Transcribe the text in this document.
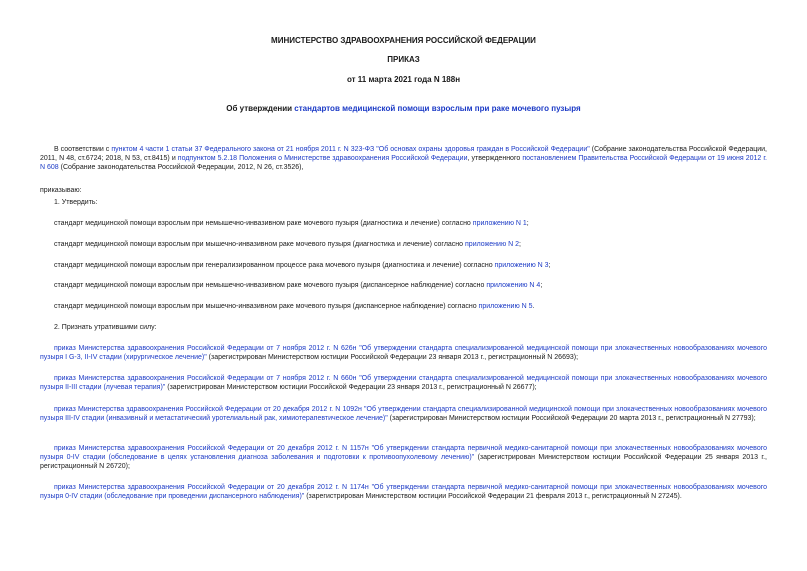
МИНИСТЕРСТВО ЗДРАВООХРАНЕНИЯ РОССИЙСКОЙ ФЕДЕРАЦИИ
ПРИКАЗ
от 11 марта 2021 года N 188н
Об утверждении стандартов медицинской помощи взрослым при раке мочевого пузыря
В соответствии с пунктом 4 части 1 статьи 37 Федерального закона от 21 ноября 2011 г. N 323-ФЗ "Об основах охраны здоровья граждан в Российской Федерации" (Собрание законодательства Российской Федерации, 2011, N 48, ст.6724; 2018, N 53, ст.8415) и подпунктом 5.2.18 Положения о Министерстве здравоохранения Российской Федерации, утвержденного постановлением Правительства Российской Федерации от 19 июня 2012 г. N 608 (Собрание законодательства Российской Федерации, 2012, N 26, ст.3526),
приказываю:
1. Утвердить:
стандарт медицинской помощи взрослым при немышечно-инвазивном раке мочевого пузыря (диагностика и лечение) согласно приложению N 1;
стандарт медицинской помощи взрослым при мышечно-инвазивном раке мочевого пузыря (диагностика и лечение) согласно приложению N 2;
стандарт медицинской помощи взрослым при генерализированном процессе рака мочевого пузыря (диагностика и лечение) согласно приложению N 3;
стандарт медицинской помощи взрослым при немышечно-инвазивном раке мочевого пузыря (диспансерное наблюдение) согласно приложению N 4;
стандарт медицинской помощи взрослым при мышечно-инвазивном раке мочевого пузыря (диспансерное наблюдение) согласно приложению N 5.
2. Признать утратившими силу:
приказ Министерства здравоохранения Российской Федерации от 7 ноября 2012 г. N 626н "Об утверждении стандарта специализированной медицинской помощи при злокачественных новообразованиях мочевого пузыря I G-3, II-IV стадии (хирургическое лечение)" (зарегистрирован Министерством юстиции Российской Федерации 23 января 2013 г., регистрационный N 26693);
приказ Министерства здравоохранения Российской Федерации от 7 ноября 2012 г. N 660н "Об утверждении стандарта специализированной медицинской помощи при злокачественных новообразованиях мочевого пузыря II-III стадии (лучевая терапия)" (зарегистрирован Министерством юстиции Российской Федерации 23 января 2013 г., регистрационный N 26677);
приказ Министерства здравоохранения Российской Федерации от 20 декабря 2012 г. N 1092н "Об утверждении стандарта специализированной медицинской помощи при злокачественных новообразованиях мочевого пузыря III-IV стадии (инвазивный и метастатический уротелиальный рак, химиотерапевтическое лечение)" (зарегистрирован Министерством юстиции Российской Федерации 20 марта 2013 г., регистрационный N 27793);
приказ Министерства здравоохранения Российской Федерации от 20 декабря 2012 г. N 1157н "Об утверждении стандарта первичной медико-санитарной помощи при злокачественных новообразованиях мочевого пузыря 0-IV стадии (обследование в целях установления диагноза заболевания и подготовки к противоопухолевому лечению)" (зарегистрирован Министерством юстиции Российской Федерации 25 января 2013 г., регистрационный N 26720);
приказ Министерства здравоохранения Российской Федерации от 20 декабря 2012 г. N 1174н "Об утверждении стандарта первичной медико-санитарной помощи при злокачественных новообразованиях мочевого пузыря 0-IV стадии (обследование при проведении диспансерного наблюдения)" (зарегистрирован Министерством юстиции Российской Федерации 21 февраля 2013 г., регистрационный N 27245).
